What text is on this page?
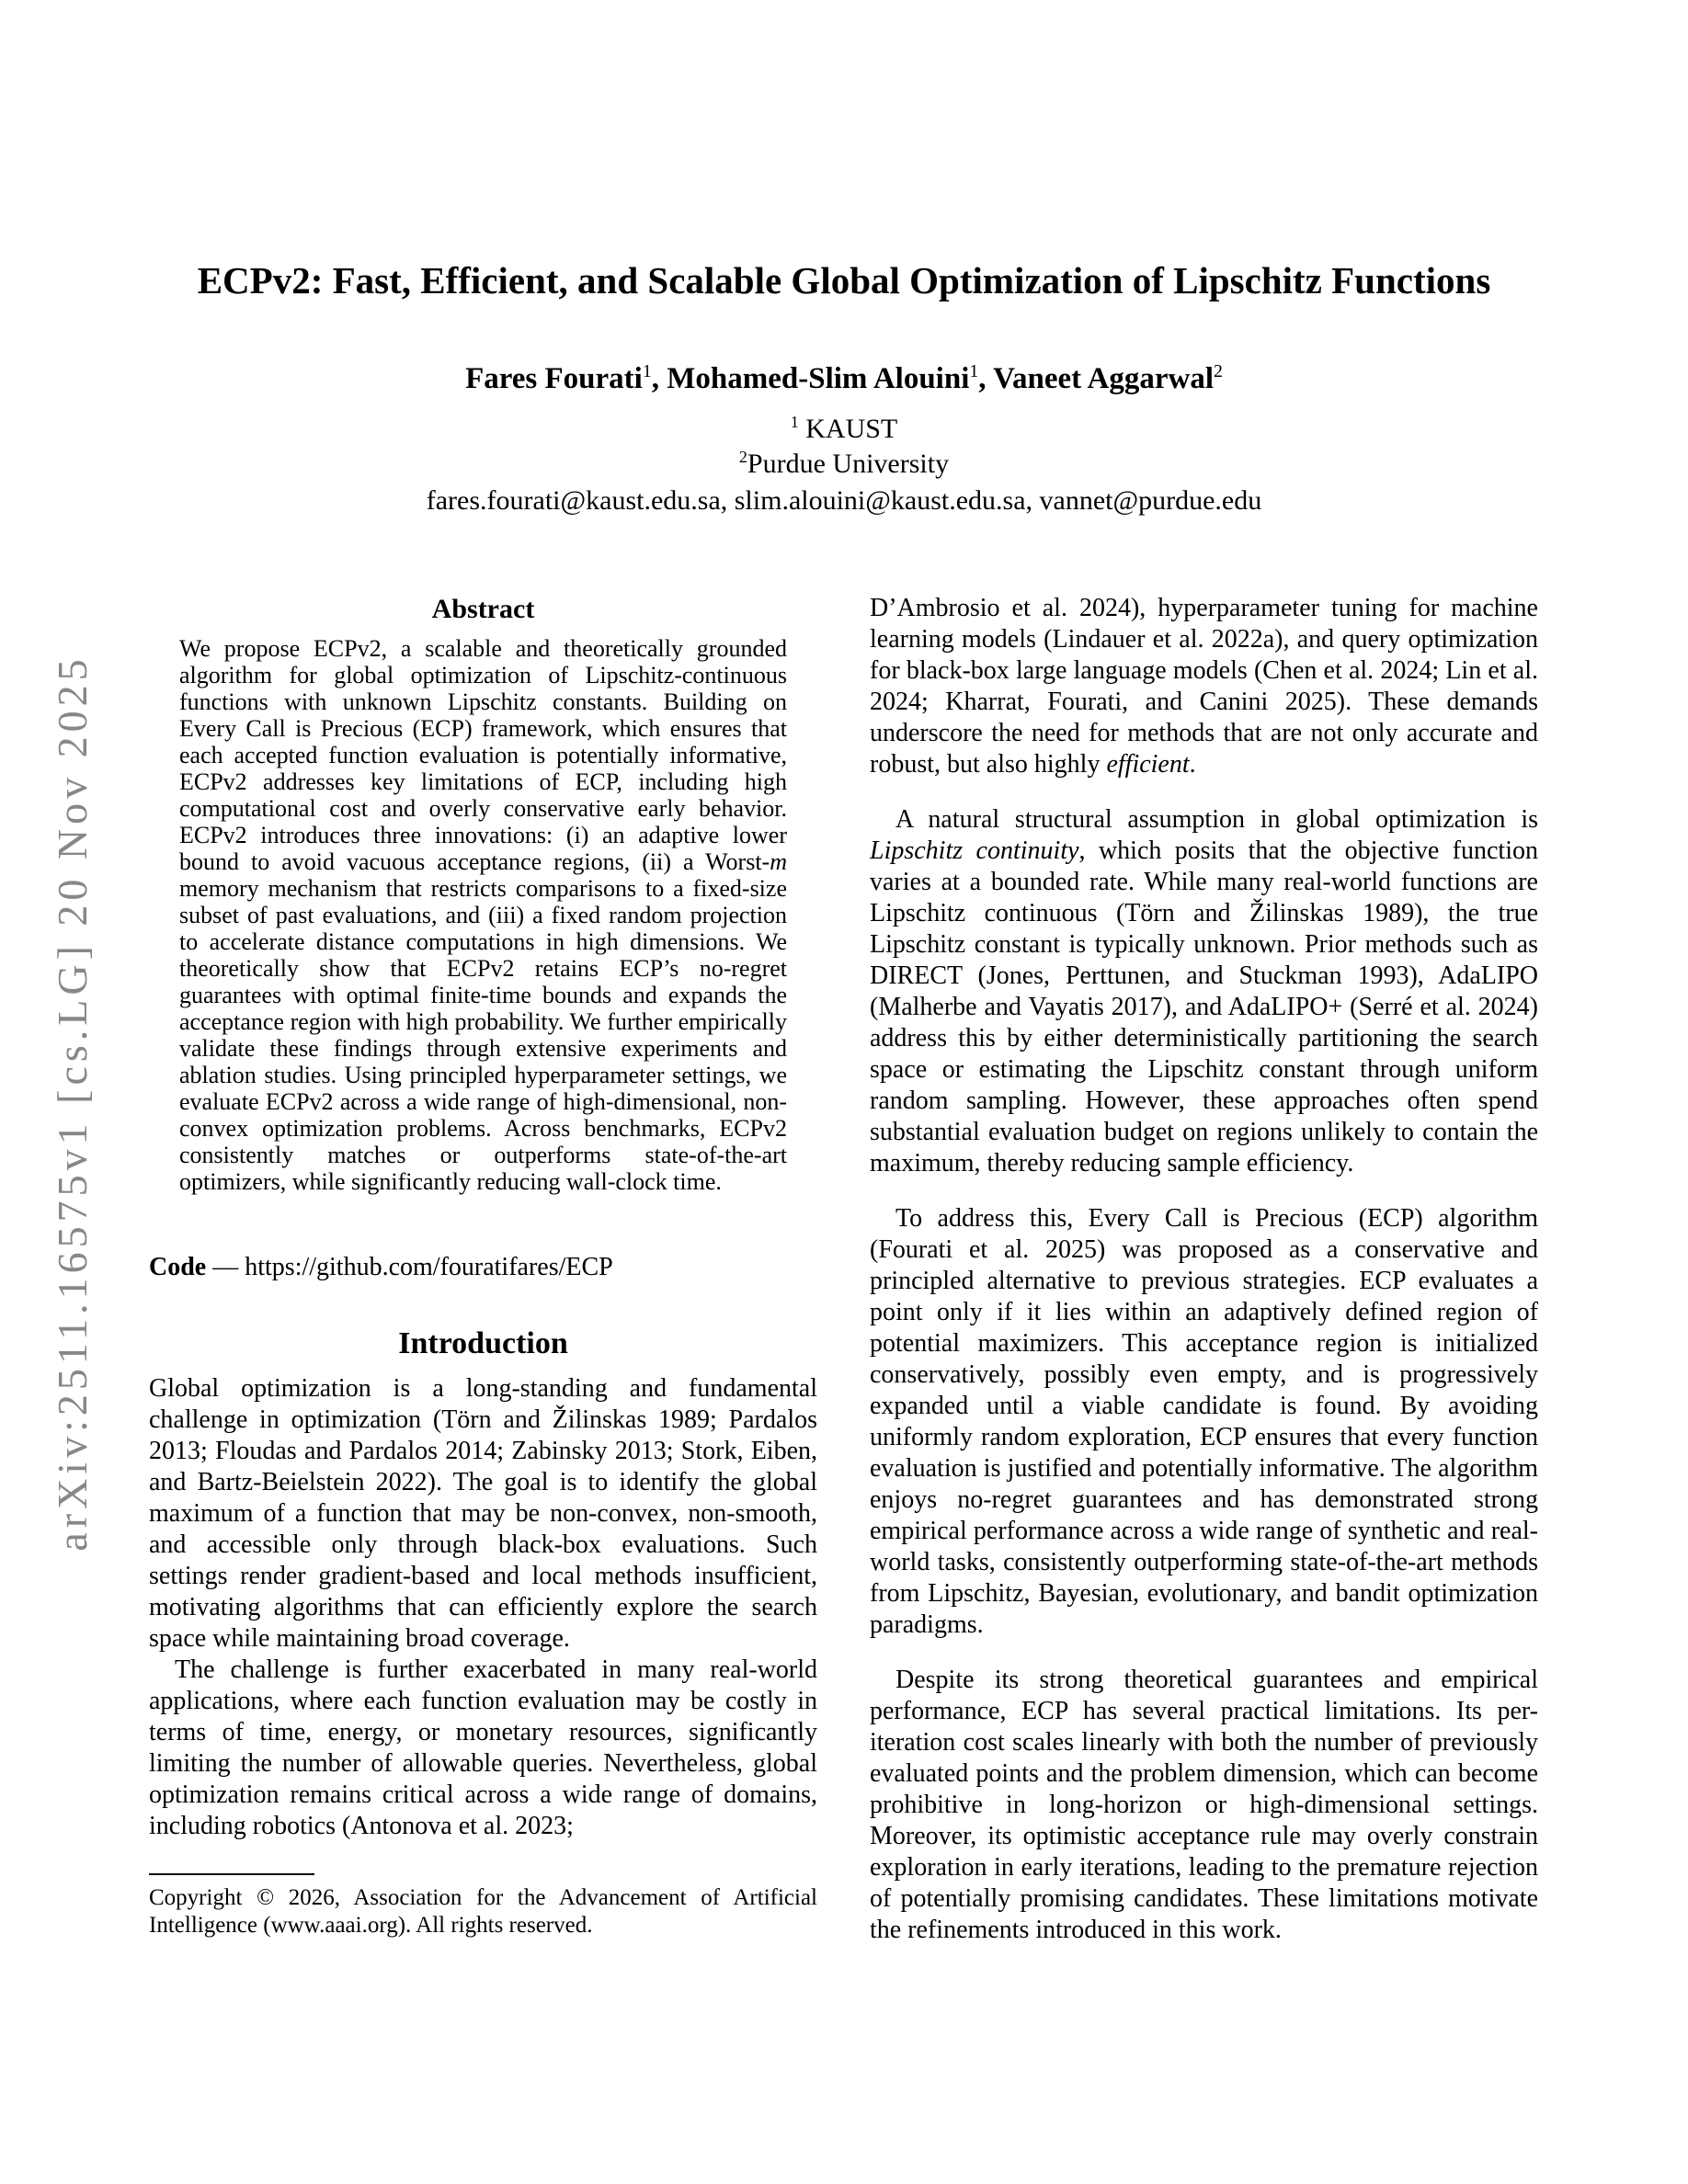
arXiv:2511.16575v1 [cs.LG] 20 Nov 2025
ECPv2: Fast, Efficient, and Scalable Global Optimization of Lipschitz Functions
Fares Fourati$^1$, Mohamed-Slim Alouini$^1$, Vaneet Aggarwal$^2$
$^1$ KAUST
$^2$Purdue University
fares.fourati@kaust.edu.sa, slim.alouini@kaust.edu.sa, vannet@purdue.edu
Abstract

We propose ECPv2, a scalable and theoretically grounded algorithm for global optimization of Lipschitz-continuous functions with unknown Lipschitz constants. Building on Every Call is Precious (ECP) framework, which ensures that each accepted function evaluation is potentially informative, ECPv2 addresses key limitations of ECP, including high computational cost and overly conservative early behavior. ECPv2 introduces three innovations: (i) an adaptive lower bound to avoid vacuous acceptance regions, (ii) a Worst-m memory mechanism that restricts comparisons to a fixed-size subset of past evaluations, and (iii) a fixed random projection to accelerate distance computations in high dimensions. We theoretically show that ECPv2 retains ECP’s no-regret guarantees with optimal finite-time bounds and expands the acceptance region with high probability. We further empirically validate these findings through extensive experiments and ablation studies. Using principled hyperparameter settings, we evaluate ECPv2 across a wide range of high-dimensional, non-convex optimization problems. Across benchmarks, ECPv2 consistently matches or outperforms state-of-the-art optimizers, while significantly reducing wall-clock time.

Code — https://github.com/fouratifares/ECP

Introduction

Global optimization is a long-standing and fundamental challenge in optimization (Törn and Žilinskas 1989; Pardalos 2013; Floudas and Pardalos 2014; Zabinsky 2013; Stork, Eiben, and Bartz-Beielstein 2022). The goal is to identify the global maximum of a function that may be non-convex, non-smooth, and accessible only through black-box evaluations. Such settings render gradient-based and local methods insufficient, motivating algorithms that can efficiently explore the search space while maintaining broad coverage.

The challenge is further exacerbated in many real-world applications, where each function evaluation may be costly in terms of time, energy, or monetary resources, significantly limiting the number of allowable queries. Nevertheless, global optimization remains critical across a wide range of domains, including robotics (Antonova et al. 2023;

Copyright © 2026, Association for the Advancement of Artificial Intelligence (www.aaai.org). All rights reserved.

D’Ambrosio et al. 2024), hyperparameter tuning for machine learning models (Lindauer et al. 2022a), and query optimization for black-box large language models (Chen et al. 2024; Lin et al. 2024; Kharrat, Fourati, and Canini 2025). These demands underscore the need for methods that are not only accurate and robust, but also highly efficient.

A natural structural assumption in global optimization is Lipschitz continuity, which posits that the objective function varies at a bounded rate. While many real-world functions are Lipschitz continuous (Törn and Žilinskas 1989), the true Lipschitz constant is typically unknown. Prior methods such as DIRECT (Jones, Perttunen, and Stuckman 1993), AdaLIPO (Malherbe and Vayatis 2017), and AdaLIPO+ (Serré et al. 2024) address this by either deterministically partitioning the search space or estimating the Lipschitz constant through uniform random sampling. However, these approaches often spend substantial evaluation budget on regions unlikely to contain the maximum, thereby reducing sample efficiency.

To address this, Every Call is Precious (ECP) algorithm (Fourati et al. 2025) was proposed as a conservative and principled alternative to previous strategies. ECP evaluates a point only if it lies within an adaptively defined region of potential maximizers. This acceptance region is initialized conservatively, possibly even empty, and is progressively expanded until a viable candidate is found. By avoiding uniformly random exploration, ECP ensures that every function evaluation is justified and potentially informative. The algorithm enjoys no-regret guarantees and has demonstrated strong empirical performance across a wide range of synthetic and real-world tasks, consistently outperforming state-of-the-art methods from Lipschitz, Bayesian, evolutionary, and bandit optimization paradigms.

Despite its strong theoretical guarantees and empirical performance, ECP has several practical limitations. Its per-iteration cost scales linearly with both the number of previously evaluated points and the problem dimension, which can become prohibitive in long-horizon or high-dimensional settings. Moreover, its optimistic acceptance rule may overly constrain exploration in early iterations, leading to the premature rejection of potentially promising candidates. These limitations motivate the refinements introduced in this work.
